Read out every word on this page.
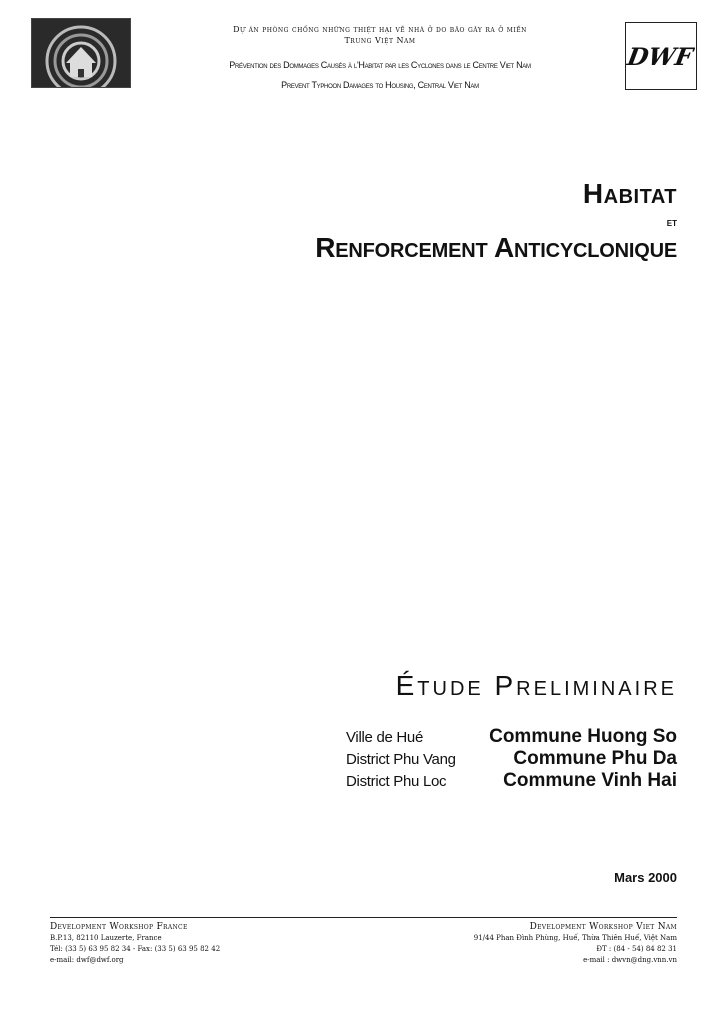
Dự án phòng chống những thiệt hại về nhà ở do bão gây ra ở miền
Trung Việt Nam
Prévention des Dommages Causés à l'Habitat par les Cyclones dans le Centre Viet Nam
Prevent Typhoon Damages to Housing, Central Viet Nam
DWF
Habitat
et
Renforcement Anticyclonique
Étude Preliminaire
Ville de Hué	Commune Huong So
District Phu Vang	Commune Phu Da
District Phu Loc	Commune Vinh Hai
Mars 2000
Development Workshop France
B.P.13, 82110 Lauzerte, France
Tél: (33 5) 63 95 82 34 - Fax: (33 5) 63 95 82 42
e-mail: dwf@dwf.org
Development Workshop Viet Nam
91/44 Phan Đình Phùng, Huế, Thừa Thiên Huế, Việt Nam
ĐT : (84 - 54) 84 82 31
e-mail : dwvn@dng.vnn.vn
